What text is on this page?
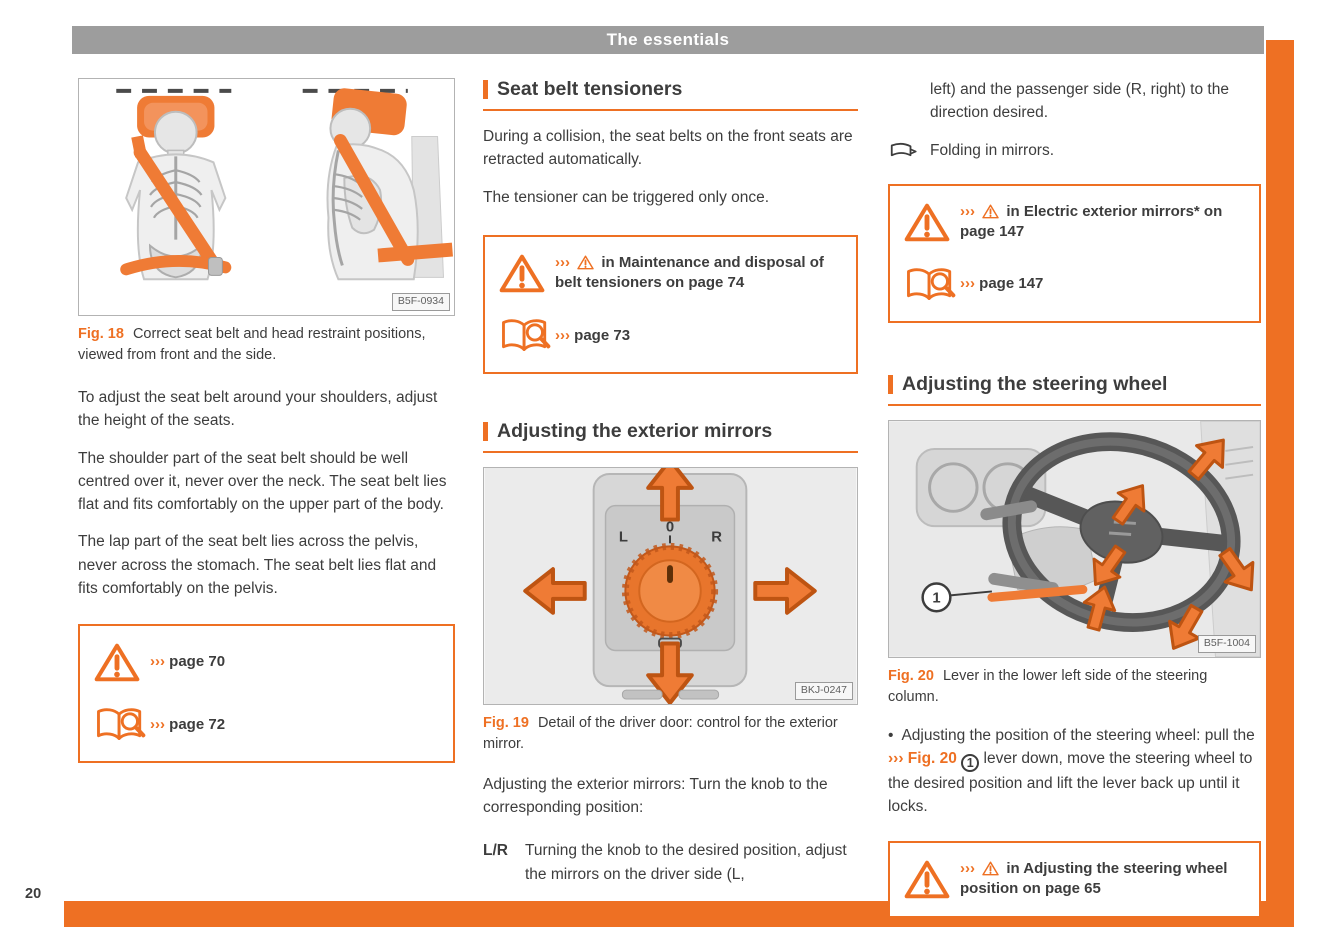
The essentials
20
B5F-0934

Fig. 18 Correct seat belt and head restraint positions, viewed from front and the side.

To adjust the seat belt around your shoulders, adjust the height of the seats.

The shoulder part of the seat belt should be well centred over it, never over the neck. The seat belt lies flat and fits comfortably on the upper part of the body.

The lap part of the seat belt lies across the pelvis, never across the stomach. The seat belt lies flat and fits comfortably on the pelvis.

››› page 70

››› page 72

Seat belt tensioners

During a collision, the seat belts on the front seats are retracted automatically.

The tensioner can be triggered only once.

››› in Maintenance and disposal of belt tensioners on page 74

››› page 73

Adjusting the exterior mirrors
L
0
R
BKJ-0247

Fig. 19 Detail of the driver door: control for the exterior mirror.

Adjusting the exterior mirrors: Turn the knob to the corresponding position:

L/R	Turning the knob to the desired position, adjust the mirrors on the driver side (L,

left) and the passenger side (R, right) to the direction desired.

Folding in mirrors.

››› in Electric exterior mirrors* on page 147

››› page 147

Adjusting the steering wheel
1
B5F-1004

Fig. 20 Lever in the lower left side of the steering column.

• Adjusting the position of the steering wheel: pull the ››› Fig. 20 1 lever down, move the steering wheel to the desired position and lift the lever back up until it locks.

››› in Adjusting the steering wheel position on page 65
